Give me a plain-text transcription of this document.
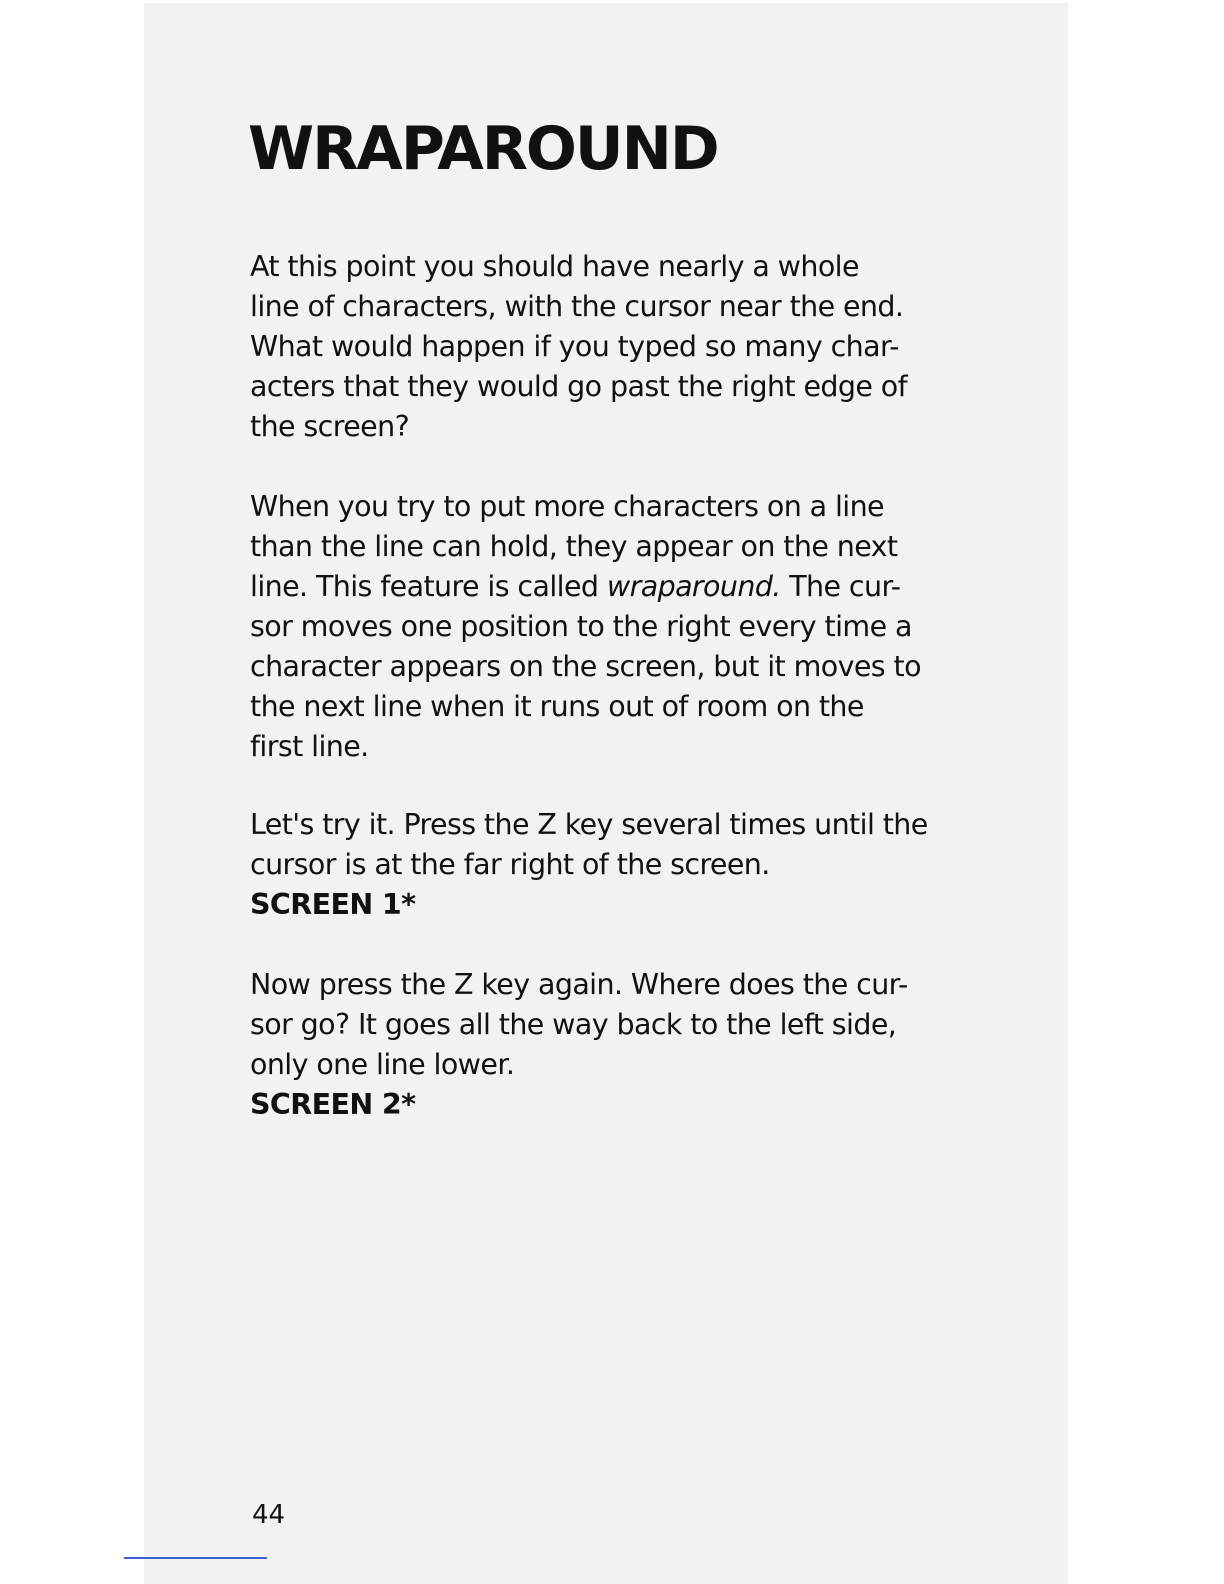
WRAPAROUND

At this point you should have nearly a whole
line of characters, with the cursor near the end.
What would happen if you typed so many char-
acters that they would go past the right edge of
the screen?

When you try to put more characters on a line
than the line can hold, they appear on the next
line. This feature is called wraparound. The cur-
sor moves one position to the right every time a
character appears on the screen, but it moves to
the next line when it runs out of room on the
first line.

Let's try it. Press the Z key several times until the
cursor is at the far right of the screen.
SCREEN 1*

Now press the Z key again. Where does the cur-
sor go? It goes all the way back to the left side,
only one line lower.
SCREEN 2*

44
